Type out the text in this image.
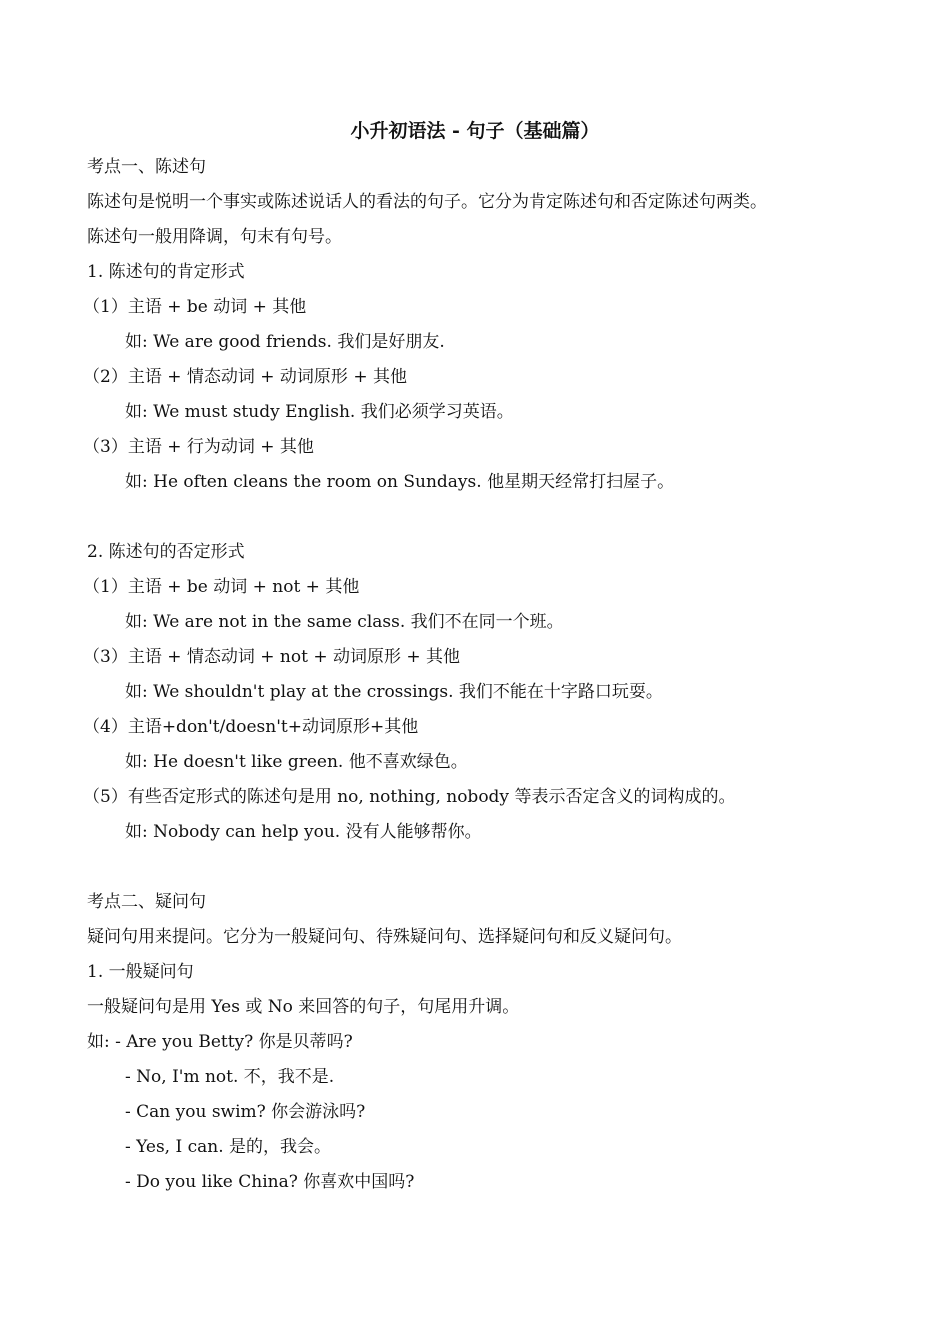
小升初语法 - 句子（基础篇）
考点一、陈述句
陈述句是悦明一个事实或陈述说话人的看法的句子。它分为肯定陈述句和否定陈述句两类。
陈述句一般用降调，句末有句号。
1. 陈述句的肯定形式
（1）主语 + be 动词 + 其他
如: We are good friends. 我们是好朋友.
（2）主语 + 情态动词 + 动词原形 + 其他
如: We must study English. 我们必须学习英语。
（3）主语 + 行为动词 + 其他
如: He often cleans the room on Sundays. 他星期天经常打扫屋子。
2. 陈述句的否定形式
（1）主语 + be 动词 + not + 其他
如: We are not in the same class. 我们不在同一个班。
（3）主语 + 情态动词 + not + 动词原形 + 其他
如: We shouldn't play at the crossings. 我们不能在十字路口玩耍。
（4）主语+don't/doesn't+动词原形+其他
如: He doesn't like green. 他不喜欢绿色。
（5）有些否定形式的陈述句是用 no, nothing, nobody 等表示否定含义的词构成的。
如: Nobody can help you. 没有人能够帮你。
考点二、疑问句
疑问句用来提问。它分为一般疑问句、待殊疑问句、选择疑问句和反义疑问句。
1. 一般疑问句
一般疑问句是用 Yes 或 No 来回答的句子，句尾用升调。
如: - Are you Betty? 你是贝蒂吗?
- No, I'm not. 不，我不是.
- Can you swim? 你会游泳吗?
- Yes, I can. 是的，我会。
- Do you like China? 你喜欢中国吗?
